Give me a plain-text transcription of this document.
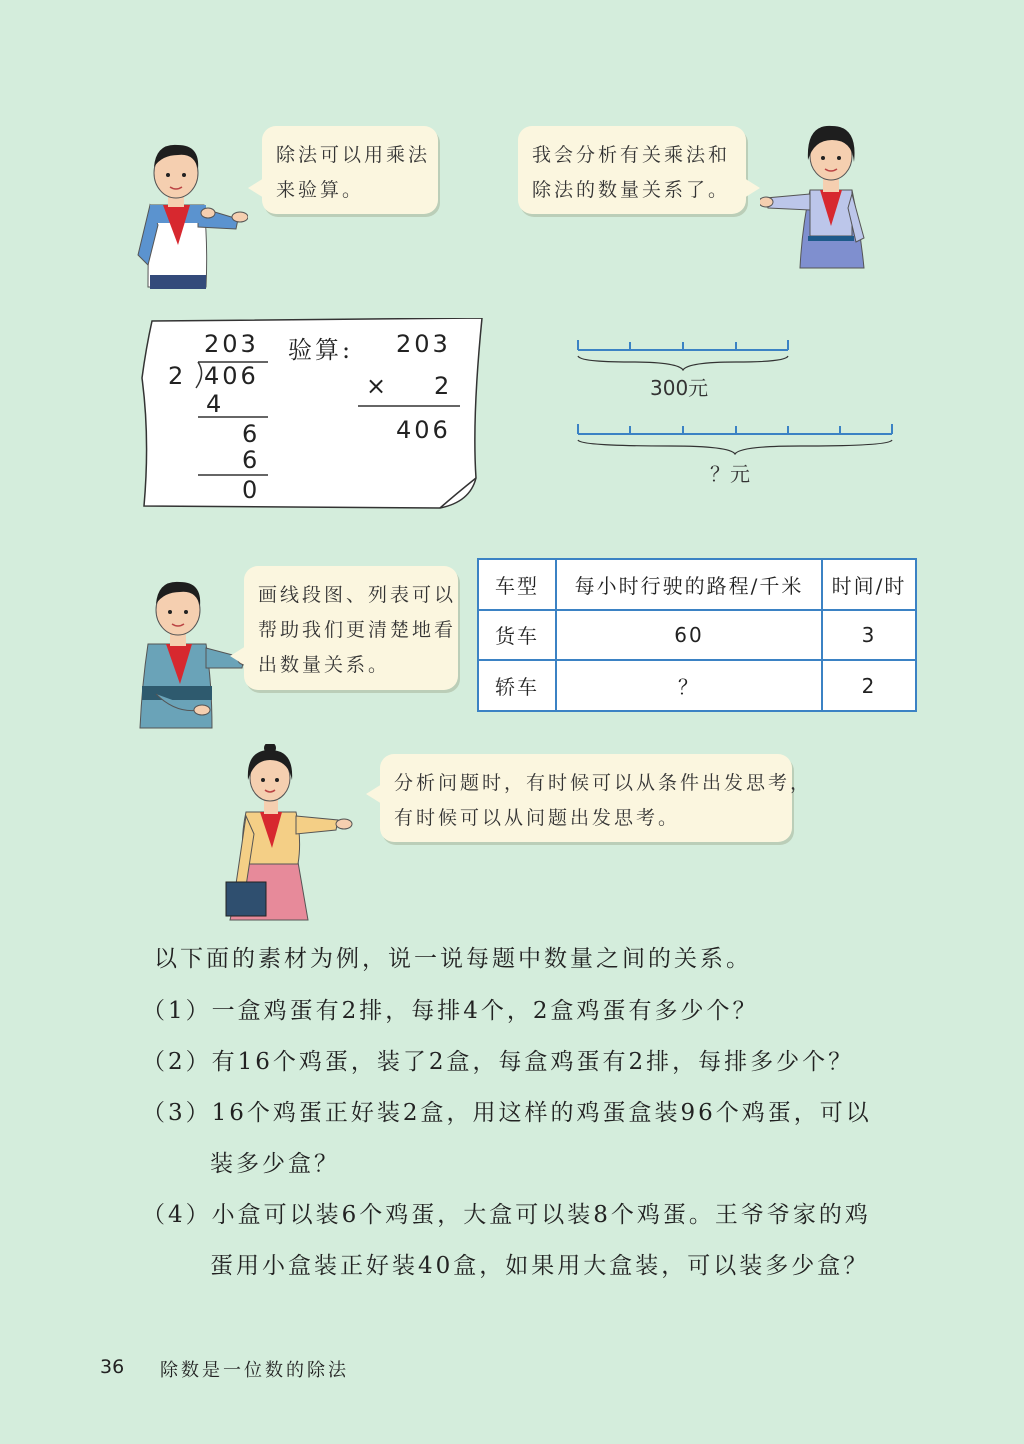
除法可以用乘法

来验算。

我会分析有关乘法和

除法的数量关系了。

203
2 406
4
6
6
0
验算: 203
× 2
406
300元
？元

画线段图、列表可以

帮助我们更清楚地看

出数量关系。

车型	每小时行驶的路程/千米	时间/时
货车	60	3
轿车	？	2

分析问题时，有时候可以从条件出发思考，

有时候可以从问题出发思考。

以下面的素材为例，说一说每题中数量之间的关系。

（1）一盒鸡蛋有2排，每排4个，2盒鸡蛋有多少个？

（2）有16个鸡蛋，装了2盒，每盒鸡蛋有2排，每排多少个？

（3）16个鸡蛋正好装2盒，用这样的鸡蛋盒装96个鸡蛋，可以

装多少盒？

（4）小盒可以装6个鸡蛋，大盒可以装8个鸡蛋。王爷爷家的鸡

蛋用小盒装正好装40盒，如果用大盒装，可以装多少盒？

36 除数是一位数的除法
